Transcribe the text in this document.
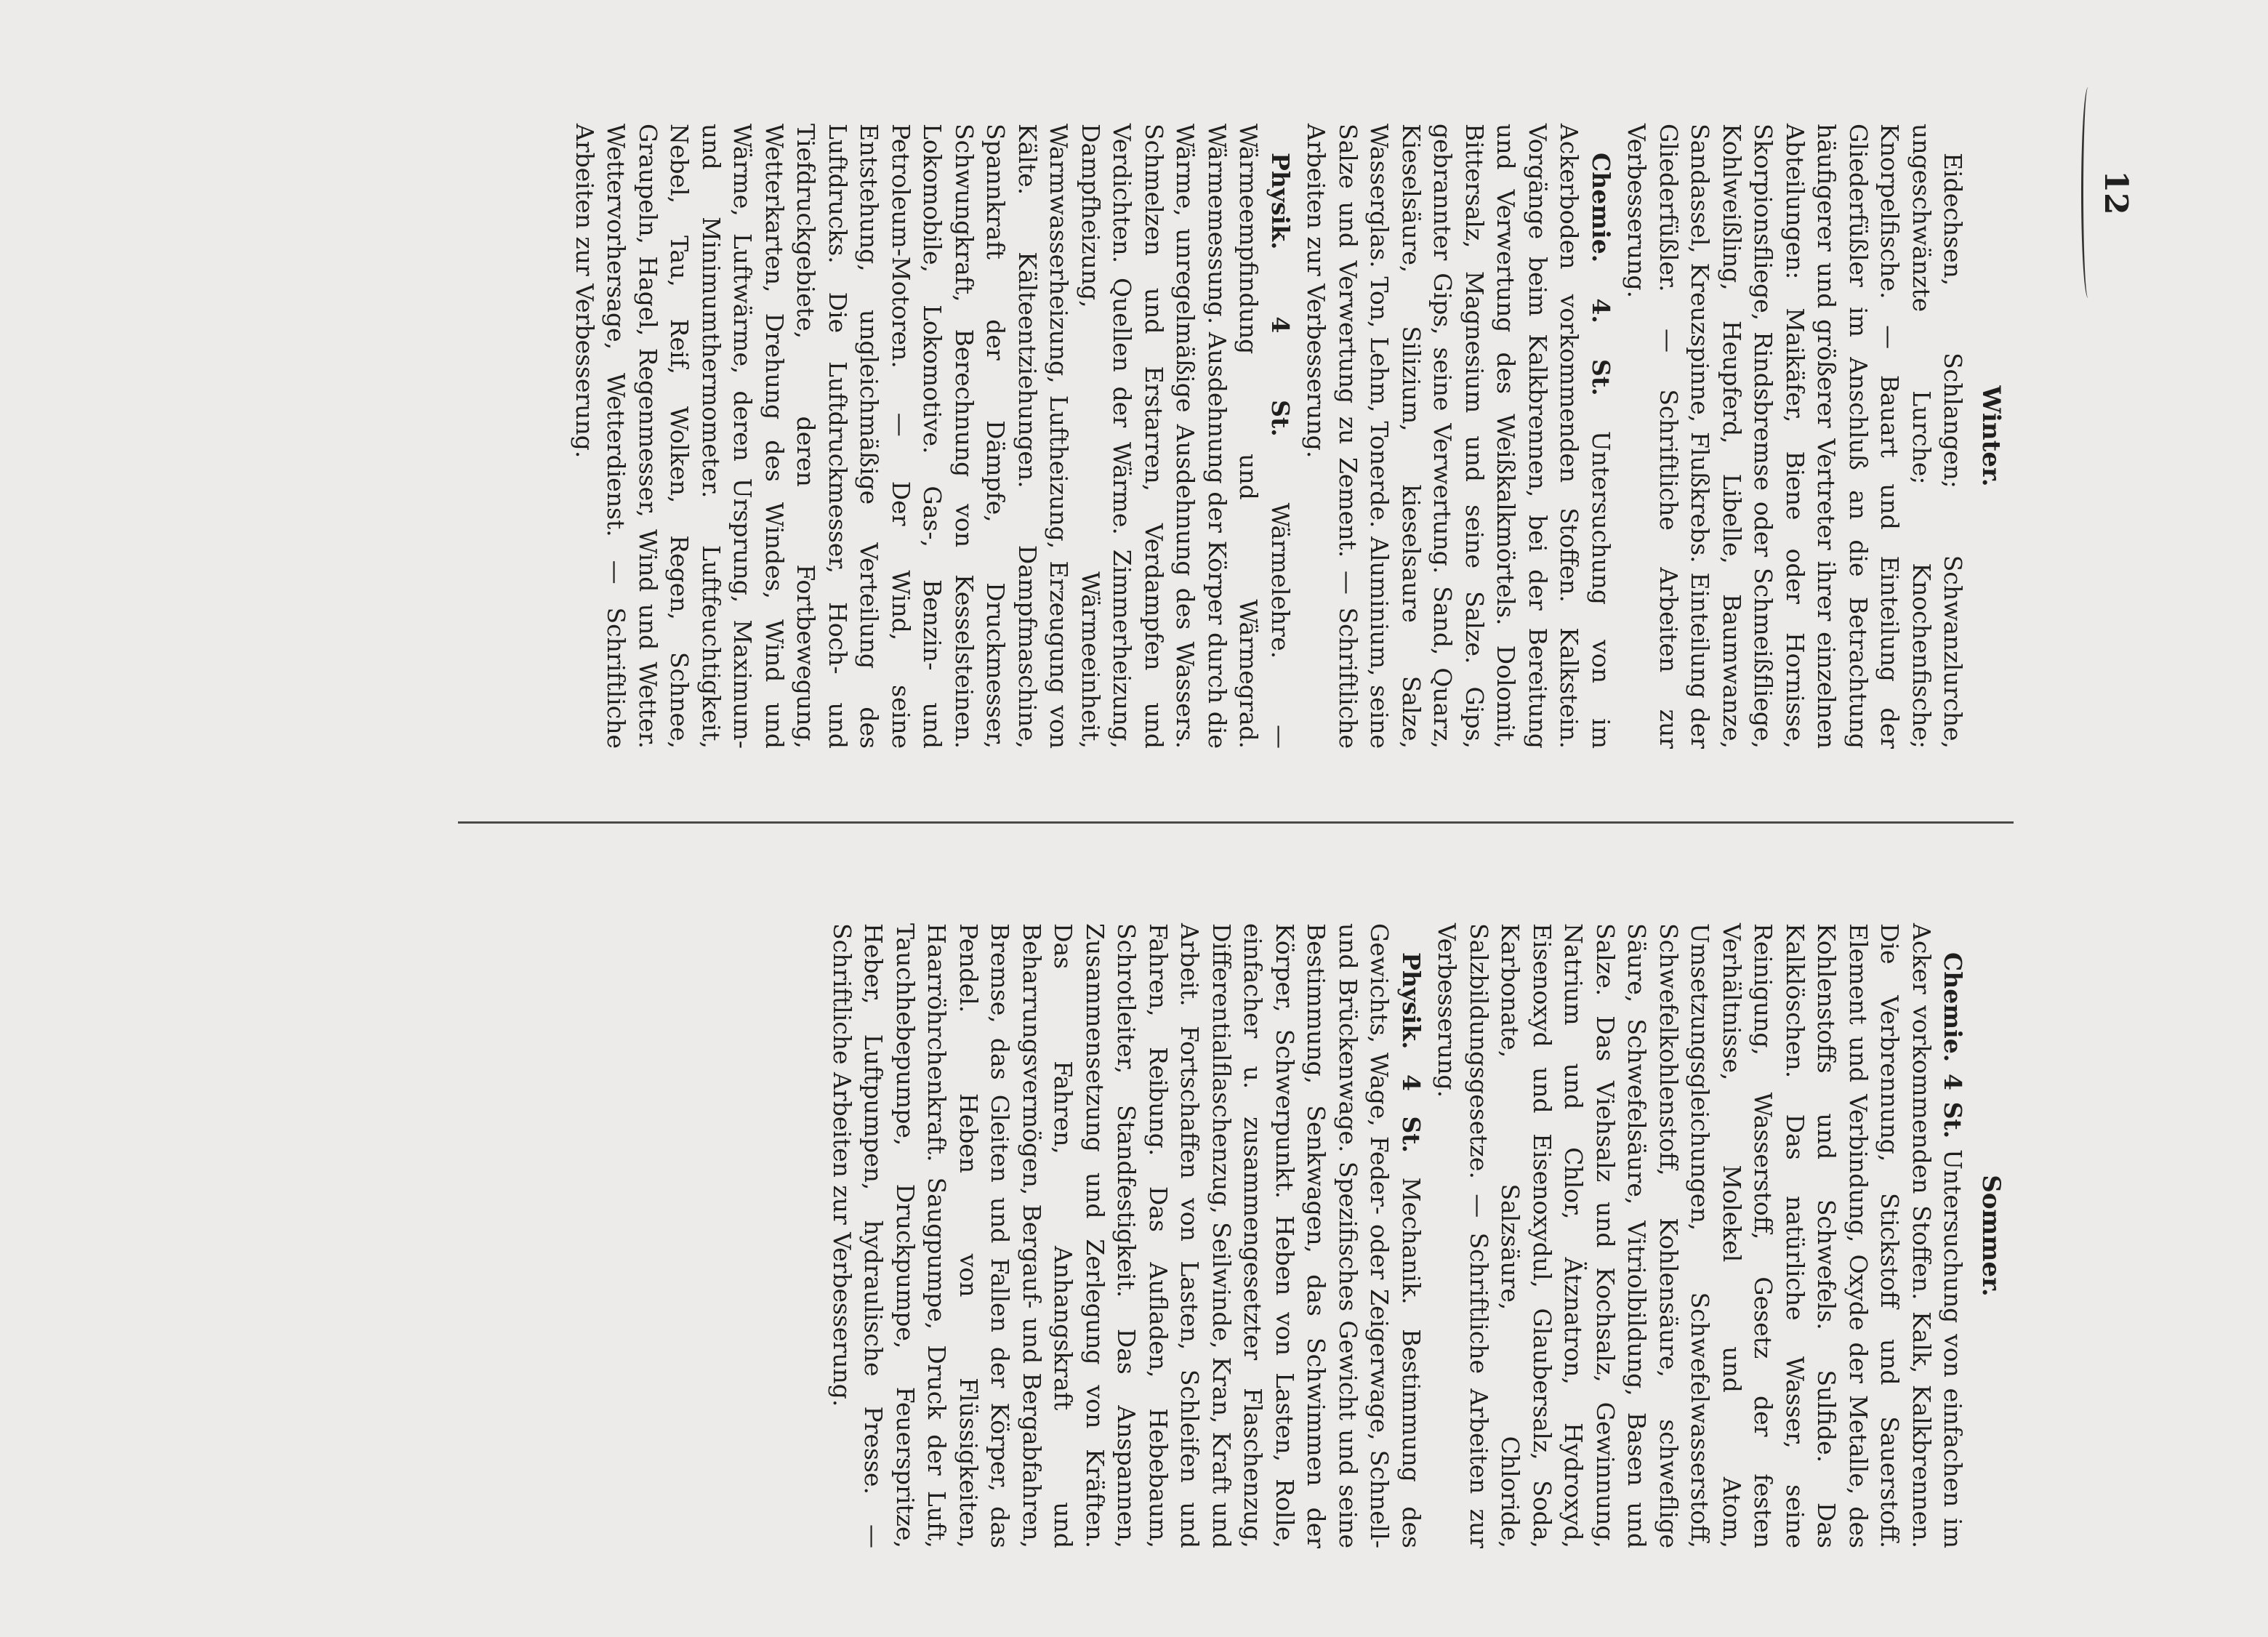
12
Winter.

Eidechsen, Schlangen; Schwanzlurche, ungeschwänzte Lurche; Knochenfische; Knorpelfische. — Bauart und Einteilung der Gliederfüßler im Anschluß an die Betrachtung häufigerer und größerer Vertreter ihrer einzelnen Abteilungen: Maikäfer, Biene oder Hornisse, Skorpionsfliege, Rindsbremse oder Schmeißfliege, Kohlweißling, Heupferd, Libelle, Baumwanze, Sandassel, Kreuzspinne, Flußkrebs. Einteilung der Gliederfüßler. — Schriftliche Arbeiten zur Verbesserung.

Chemie. 4. St. Untersuchung von im Ackerboden vorkommenden Stoffen. Kalkstein. Vorgänge beim Kalkbrennen, bei der Bereitung und Verwertung des Weißkalkmörtels. Dolomit, Bittersalz, Magnesium und seine Salze. Gips, gebrannter Gips, seine Verwertung. Sand, Quarz, Kieselsäure, Silizium, kieselsaure Salze, Wasserglas. Ton, Lehm, Tonerde. Aluminium, seine Salze und Verwertung zu Zement. — Schriftliche Arbeiten zur Verbesserung.

Physik. 4 St. Wärmelehre. — Wärmeempfindung und Wärmegrad. Wärmemessung. Ausdehnung der Körper durch die Wärme, unregelmäßige Ausdehnung des Wassers. Schmelzen und Erstarren, Verdampfen und Verdichten. Quellen der Wärme. Zimmerheizung, Dampfheizung, Wärmeeinheit, Warmwasserheizung, Luftheizung, Erzeugung von Kälte. Kälteentziehungen. Dampfmaschine, Spannkraft der Dämpfe, Druckmesser, Schwungkraft, Berechnung von Kesselsteinen. Lokomobile, Lokomotive. Gas-, Benzin- und Petroleum-Motoren. — Der Wind, seine Entstehung, ungleichmäßige Verteilung des Luftdrucks. Die Luftdruckmesser, Hoch- und Tiefdruckgebiete, deren Fortbewegung, Wetterkarten, Drehung des Windes, Wind und Wärme, Luftwärme, deren Ursprung, Maximum- und Minimumthermometer. Luftfeuchtigkeit, Nebel, Tau, Reif, Wolken, Regen, Schnee, Graupeln, Hagel, Regenmesser, Wind und Wetter. Wettervorhersage, Wetterdienst. — Schriftliche Arbeiten zur Verbesserung.

Sommer.

Chemie. 4 St. Untersuchung von einfachen im Acker vorkommenden Stoffen. Kalk, Kalkbrennen. Die Verbrennung, Stickstoff und Sauerstoff. Element und Verbindung, Oxyde der Metalle, des Kohlenstoffs und Schwefels. Sulfide. Das Kalklöschen. Das natürliche Wasser, seine Reinigung, Wasserstoff, Gesetz der festen Verhältnisse, Molekel und Atom, Umsetzungsgleichungen, Schwefelwasserstoff, Schwefelkohlenstoff, Kohlensäure, schweflige Säure, Schwefelsäure, Vitriolbildung, Basen und Salze. Das Viehsalz und Kochsalz, Gewinnung, Natrium und Chlor, Ätznatron, Hydroxyd, Eisenoxyd und Eisenoxydul, Glaubersalz, Soda, Karbonate, Salzsäure, Chloride, Salzbildungsgesetze. — Schriftliche Arbeiten zur Verbesserung.

Physik. 4 St. Mechanik. Bestimmung des Gewichts, Wage, Feder- oder Zeigerwage, Schnell- und Brückenwage. Spezifisches Gewicht und seine Bestimmung, Senkwagen, das Schwimmen der Körper, Schwerpunkt. Heben von Lasten, Rolle, einfacher u. zusammengesetzter Flaschenzug, Differentialflaschenzug, Seilwinde, Kran, Kraft und Arbeit. Fortschaffen von Lasten, Schleifen und Fahren, Reibung. Das Aufladen, Hebebaum, Schrotleiter, Standfestigkeit. Das Anspannen, Zusammensetzung und Zerlegung von Kräften. Das Fahren, Anhangskraft und Beharrungsvermögen, Bergauf- und Bergabfahren, Bremse, das Gleiten und Fallen der Körper, das Pendel. Heben von Flüssigkeiten, Haarröhrchenkraft. Saugpumpe, Druck der Luft, Tauchhebepumpe, Druckpumpe, Feuerspritze, Heber, Luftpumpen, hydraulische Presse. — Schriftliche Arbeiten zur Verbesserung.
